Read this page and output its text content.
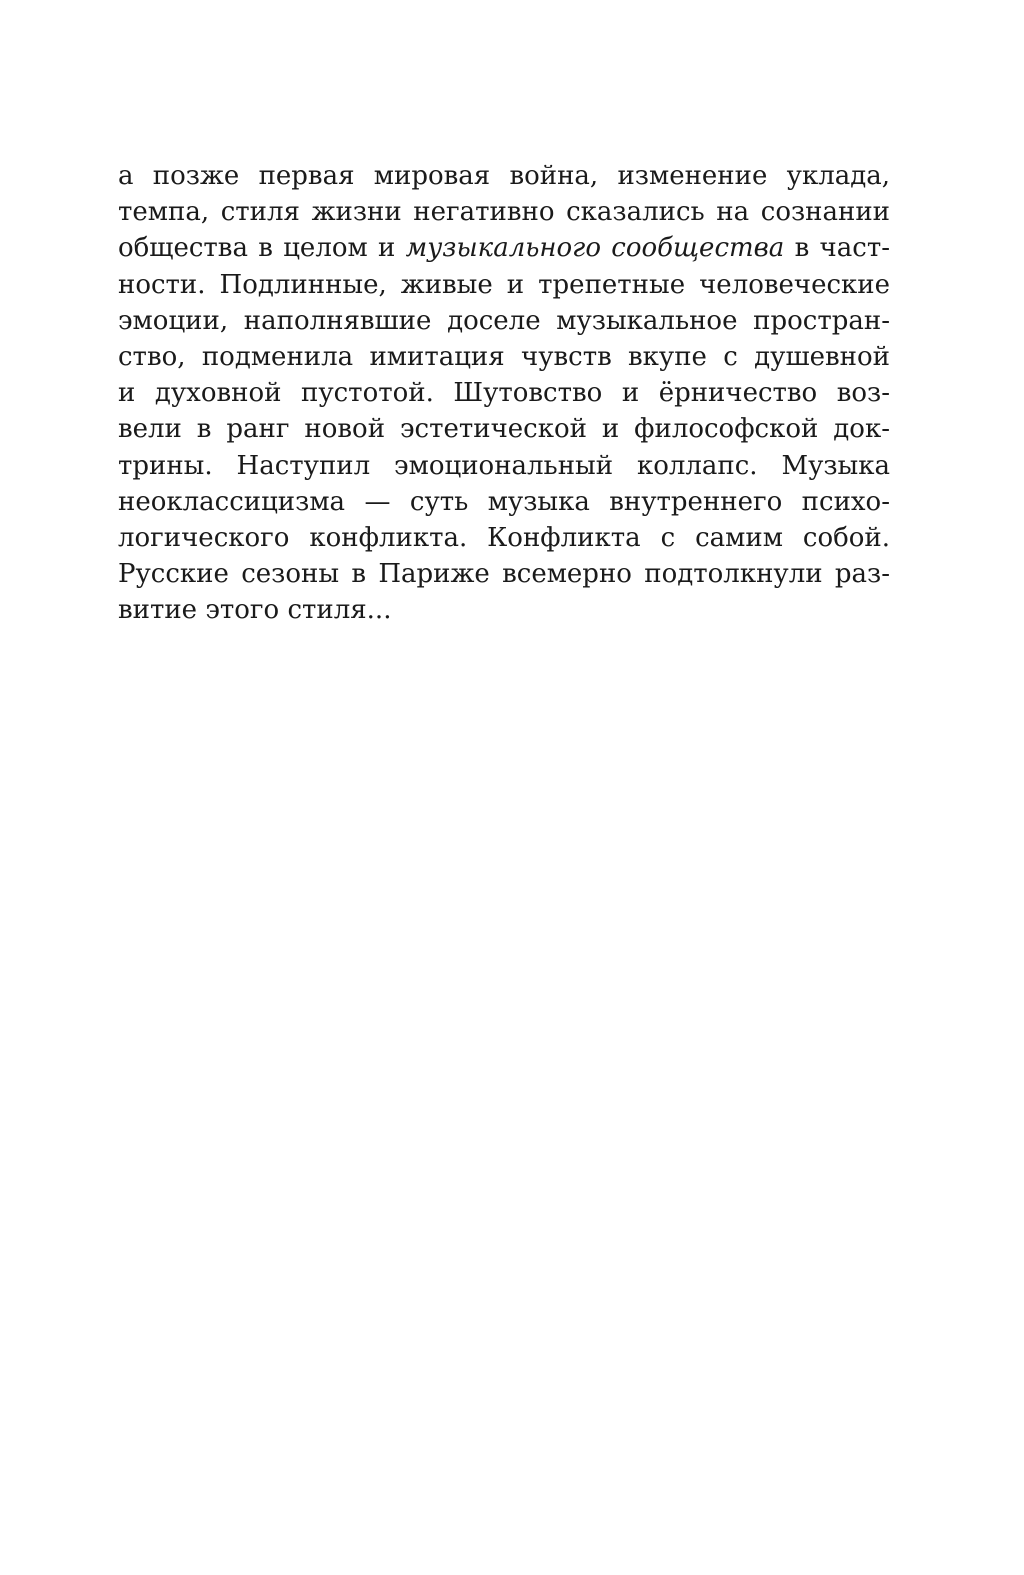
а позже первая мировая война, изменение уклада,
темпа, стиля жизни негативно сказались на сознании
общества в целом и музыкального сообщества в част-
ности. Подлинные, живые и трепетные человеческие
эмоции, наполнявшие доселе музыкальное простран-
ство, подменила имитация чувств вкупе с душевной
и духовной пустотой. Шутовство и ёрничество воз-
вели в ранг новой эстетической и философской док-
трины. Наступил эмоциональный коллапс. Музыка
неоклассицизма — суть музыка внутреннего психо-
логического конфликта. Конфликта с самим собой.
Русские сезоны в Париже всемерно подтолкнули раз-
витие этого стиля...
